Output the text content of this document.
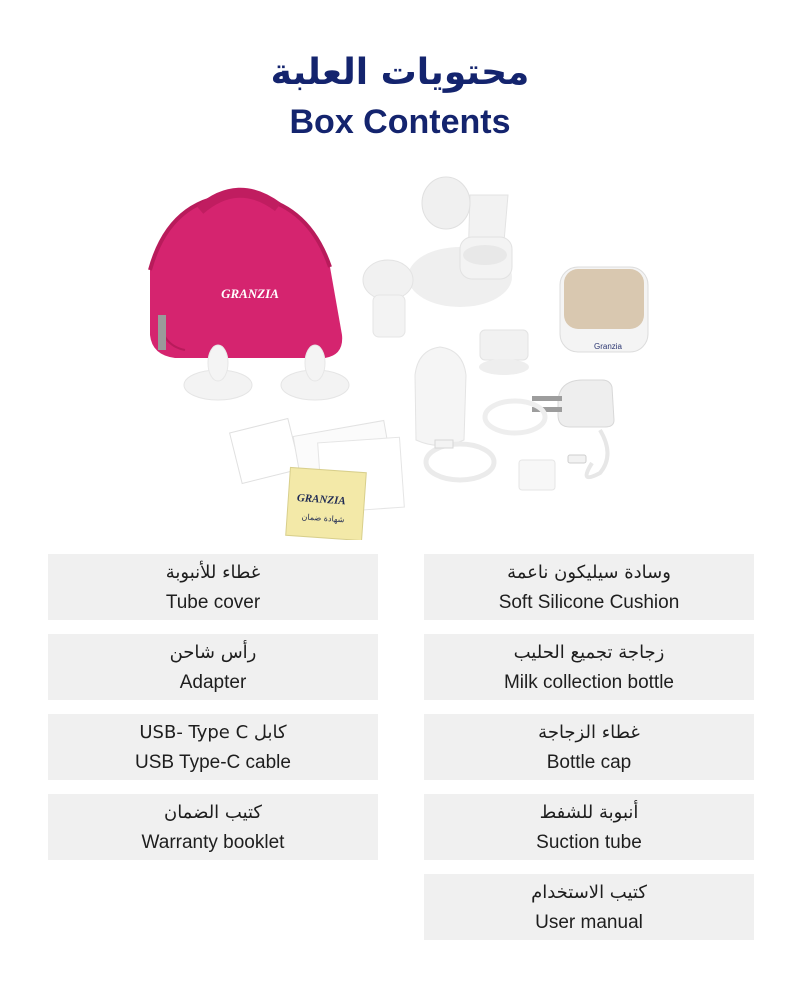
محتويات العلبة
Box Contents
GRANZIA
Granzia
GRANZIA
شهادة ضمان
غطاء للأنبوبة
Tube cover
رأس شاحن
Adapter
كابل USB- Type C
USB Type-C cable
كتيب الضمان
Warranty booklet
وسادة سيليكون ناعمة
Soft Silicone Cushion
زجاجة تجميع الحليب
Milk collection bottle
غطاء الزجاجة
Bottle cap
أنبوبة للشفط
Suction tube
كتيب الاستخدام
User manual
